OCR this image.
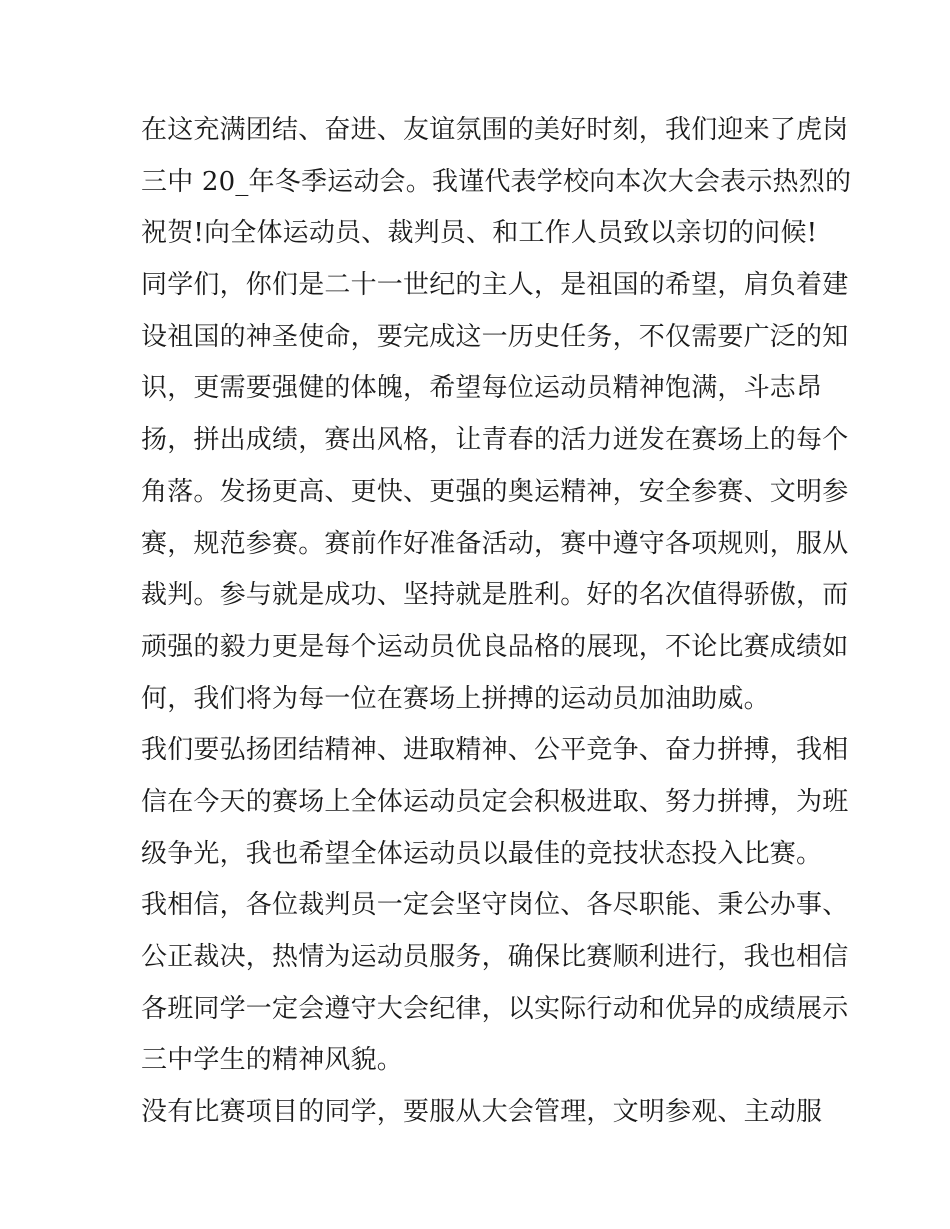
在这充满团结、奋进、友谊氛围的美好时刻，我们迎来了虎岗
三中 20_年冬季运动会。我谨代表学校向本次大会表示热烈的
祝贺!向全体运动员、裁判员、和工作人员致以亲切的问候!
同学们，你们是二十一世纪的主人，是祖国的希望，肩负着建
设祖国的神圣使命，要完成这一历史任务，不仅需要广泛的知
识，更需要强健的体魄，希望每位运动员精神饱满，斗志昂
扬，拼出成绩，赛出风格，让青春的活力迸发在赛场上的每个
角落。发扬更高、更快、更强的奥运精神，安全参赛、文明参
赛，规范参赛。赛前作好准备活动，赛中遵守各项规则，服从
裁判。参与就是成功、坚持就是胜利。好的名次值得骄傲，而
顽强的毅力更是每个运动员优良品格的展现，不论比赛成绩如
何，我们将为每一位在赛场上拼搏的运动员加油助威。
我们要弘扬团结精神、进取精神、公平竞争、奋力拼搏，我相
信在今天的赛场上全体运动员定会积极进取、努力拼搏，为班
级争光，我也希望全体运动员以最佳的竞技状态投入比赛。
我相信，各位裁判员一定会坚守岗位、各尽职能、秉公办事、
公正裁决，热情为运动员服务，确保比赛顺利进行，我也相信
各班同学一定会遵守大会纪律，以实际行动和优异的成绩展示
三中学生的精神风貌。
没有比赛项目的同学，要服从大会管理，文明参观、主动服
